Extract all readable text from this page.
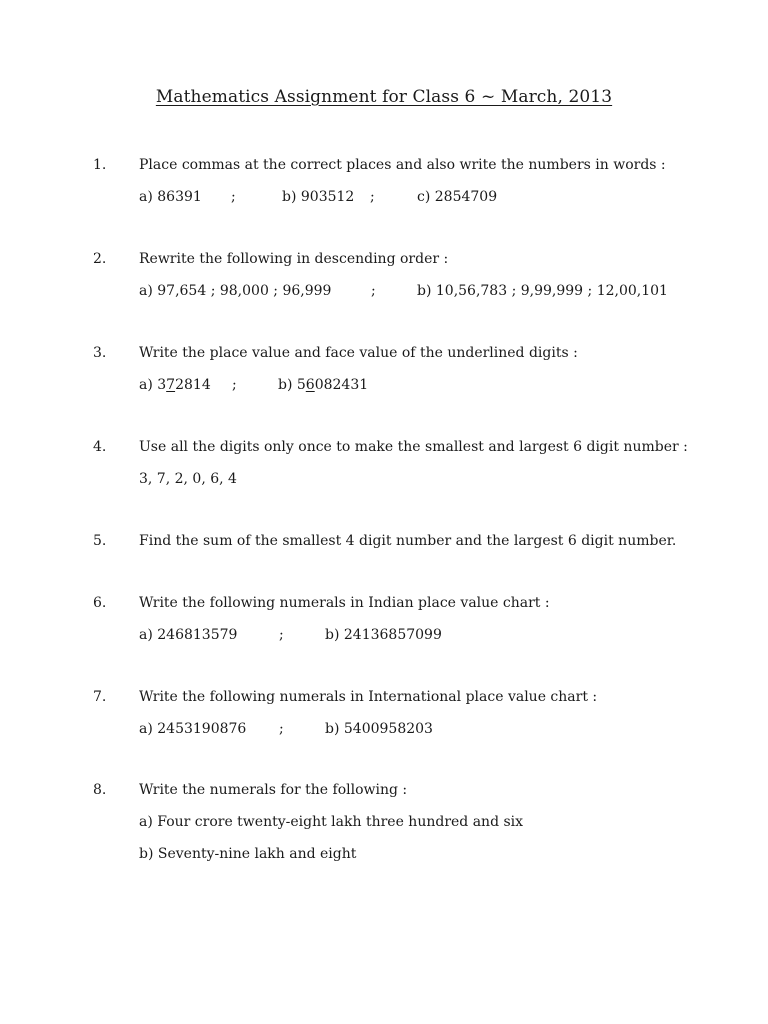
Mathematics Assignment for Class 6 ~ March, 2013
1. Place commas at the correct places and also write the numbers in words :
a) 86391 ;	b) 903512 ;	c) 2854709
2. Rewrite the following in descending order :
a) 97,654 ; 98,000 ; 96,999	;	b) 10,56,783 ; 9,99,999 ; 12,00,101
3. Write the place value and face value of the underlined digits :
a) 372814 ;	b) 56082431
4. Use all the digits only once to make the smallest and largest 6 digit number :
3, 7, 2, 0, 6, 4
5. Find the sum of the smallest 4 digit number and the largest 6 digit number.
6. Write the following numerals in Indian place value chart :
a) 246813579	;	b) 24136857099
7. Write the following numerals in International place value chart :
a) 2453190876 ;	b) 5400958203
8. Write the numerals for the following :
a) Four crore twenty-eight lakh three hundred and six
b) Seventy-nine lakh and eight
